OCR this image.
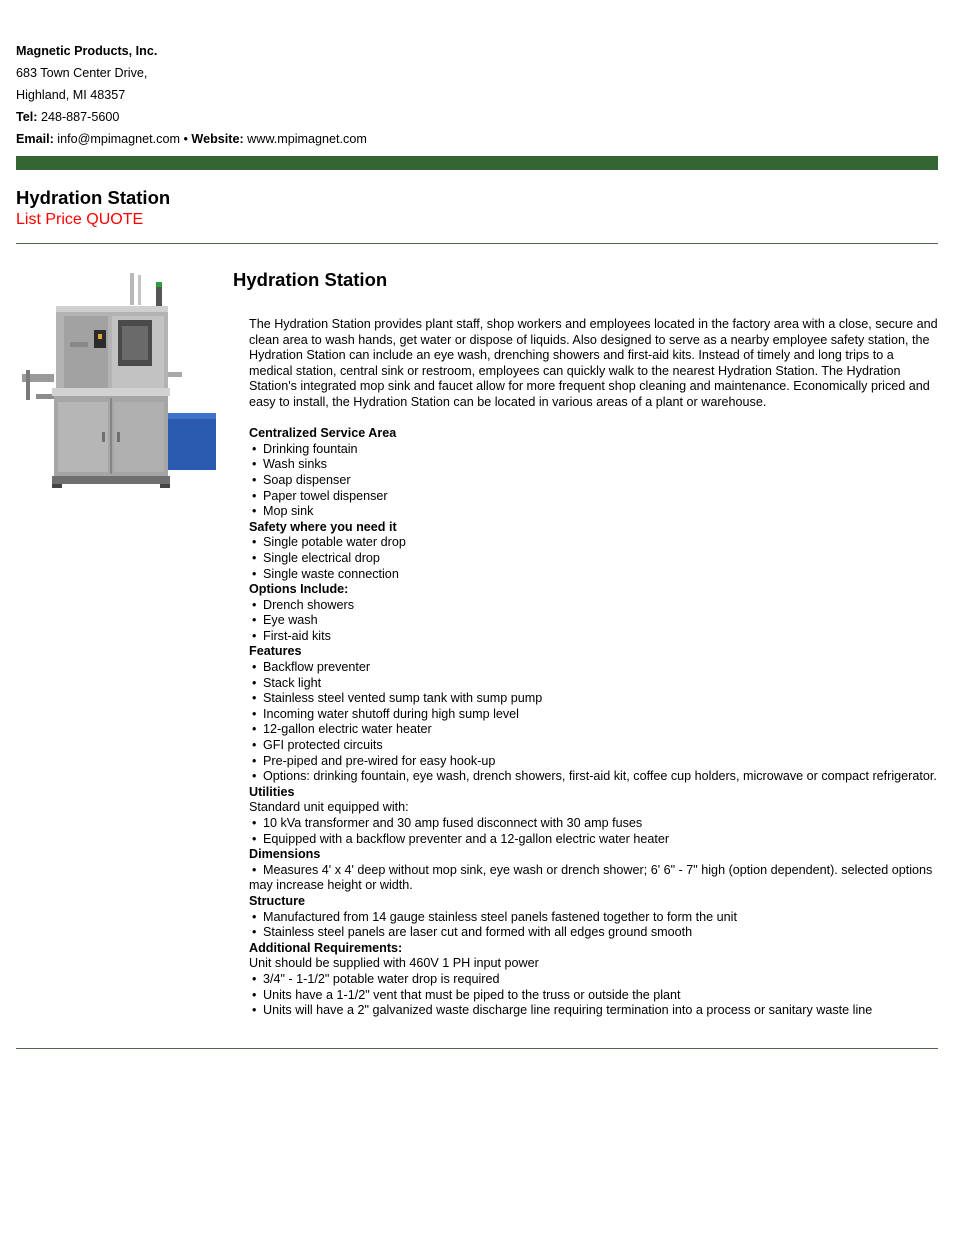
Magnetic Products, Inc.
683 Town Center Drive,
Highland, MI 48357
Tel: 248-887-5600
Email: info@mpimagnet.com • Website: www.mpimagnet.com
Hydration Station
List Price QUOTE
Hydration Station

The Hydration Station provides plant staff, shop workers and employees located in the factory area with a close, secure and clean area to wash hands, get water or dispose of liquids. Also designed to serve as a nearby employee safety station, the Hydration Station can include an eye wash, drenching showers and first-aid kits. Instead of timely and long trips to a medical station, central sink or restroom, employees can quickly walk to the nearest Hydration Station. The Hydration Station's integrated mop sink and faucet allow for more frequent shop cleaning and maintenance. Economically priced and easy to install, the Hydration Station can be located in various areas of a plant or warehouse.

Centralized Service Area
• Drinking fountain
• Wash sinks
• Soap dispenser
• Paper towel dispenser
• Mop sink
Safety where you need it
• Single potable water drop
• Single electrical drop
• Single waste connection
Options Include:
• Drench showers
• Eye wash
• First-aid kits
Features
• Backflow preventer
• Stack light
• Stainless steel vented sump tank with sump pump
• Incoming water shutoff during high sump level
• 12-gallon electric water heater
• GFI protected circuits
• Pre-piped and pre-wired for easy hook-up
• Options: drinking fountain, eye wash, drench showers, first-aid kit, coffee cup holders, microwave or compact refrigerator.
Utilities
Standard unit equipped with:
• 10 kVa transformer and 30 amp fused disconnect with 30 amp fuses
• Equipped with a backflow preventer and a 12-gallon electric water heater
Dimensions
• Measures 4' x 4' deep without mop sink, eye wash or drench shower; 6' 6" - 7" high (option dependent). selected options may increase height or width.
Structure
• Manufactured from 14 gauge stainless steel panels fastened together to form the unit
• Stainless steel panels are laser cut and formed with all edges ground smooth
Additional Requirements:
Unit should be supplied with 460V 1 PH input power
• 3/4" - 1-1/2" potable water drop is required
• Units have a 1-1/2" vent that must be piped to the truss or outside the plant
• Units will have a 2" galvanized waste discharge line requiring termination into a process or sanitary waste line
